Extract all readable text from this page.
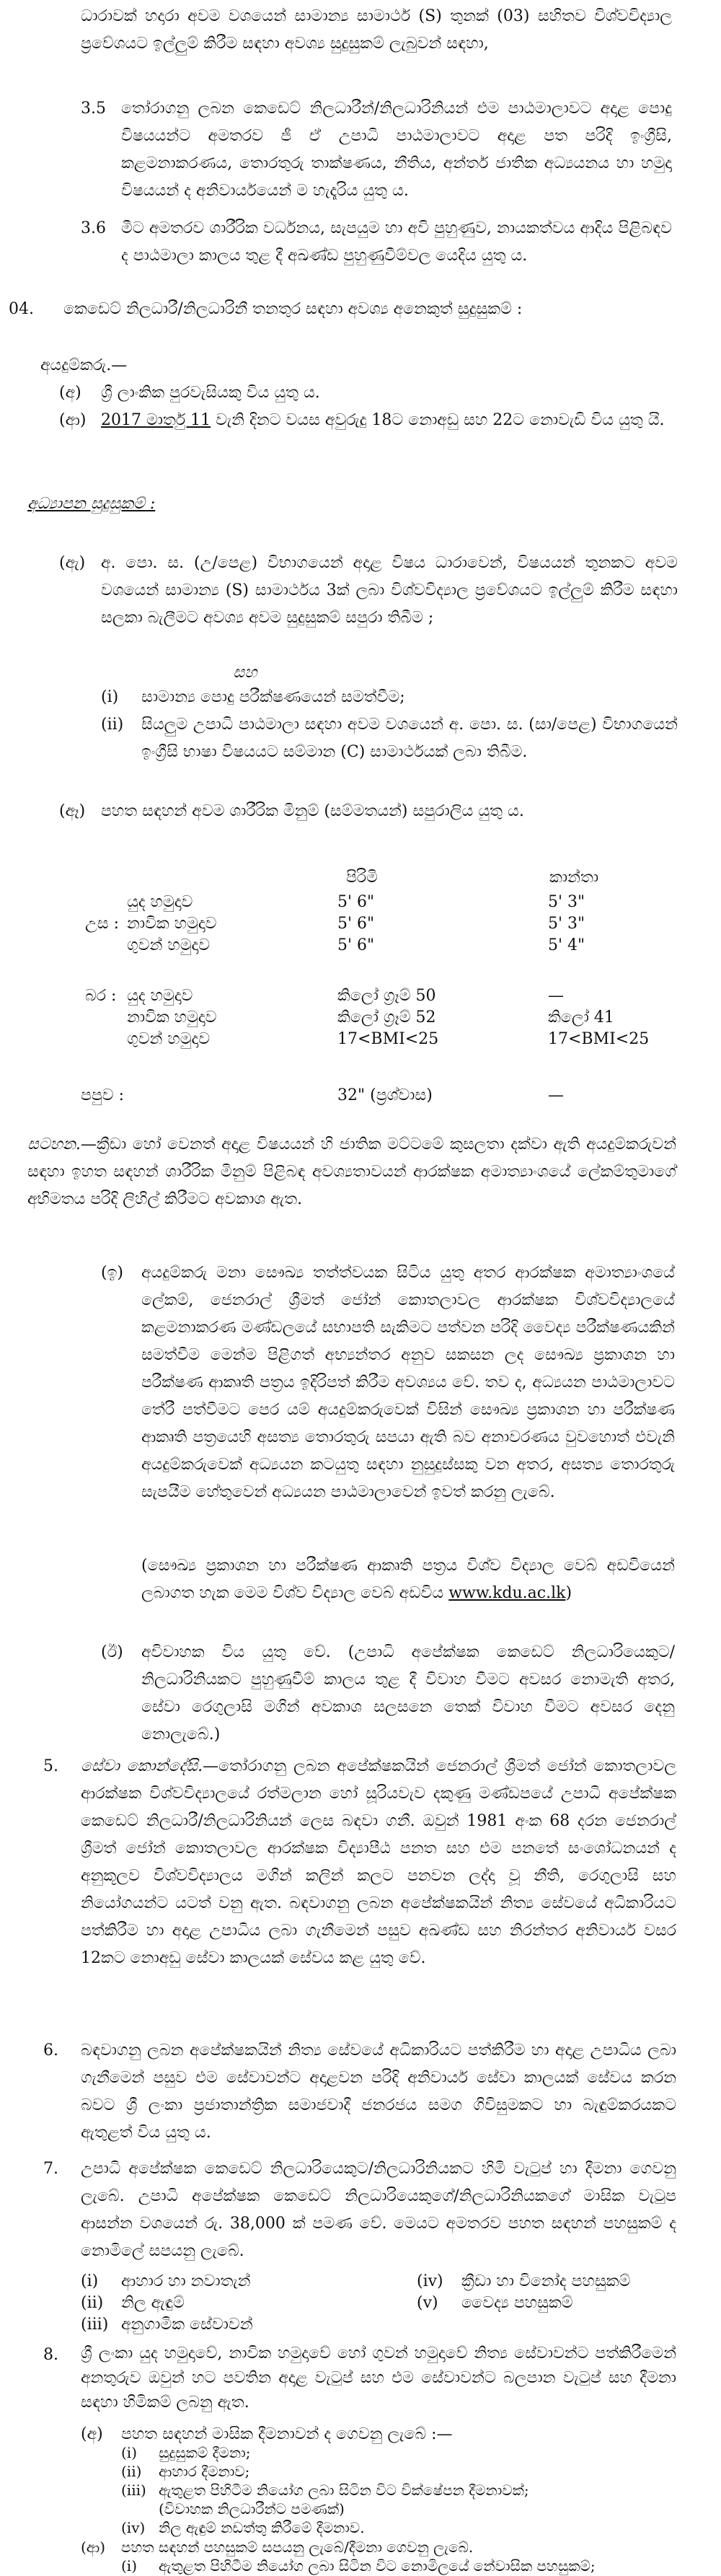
ධාරාවක් හදාරා අවම වශයෙන් සාමාන්‍ය සාමාර්ථ (S) තුනක් (03) සහිතව විශ්වවිද්‍යාල ප්‍රවේශයට ඉල්ලුම් කිරීම සඳහා අවශ්‍ය සුදුසුකම් ලැබුවන් සඳහා,
3.5 තෝරාගනු ලබන කෙඩෙට් නිලධාරීන්/නිලධාරිනියන් එම පාඨමාලාවට අදාළ පොදු විෂයයන්ට අමතරව ජී ඒ උපාධි පාඨමාලාවට අදාළ පත පරිදි ඉංග්‍රීසි, කළමනාකරණය, තොරතුරු තාක්ෂණය, නීතිය, අන්තර් ජාතික අධ්‍යයනය හා හමුදා විෂයයන් ද අනිවාර්යයෙන් ම හැදෑරිය යුතු ය.
3.6 මීට අමතරව ශාරීරික වර්ධනය, සැපයුම හා අවි පුහුණුව, නායකත්වය ආදිය පිළිබඳව ද පාඨමාලා කාලය තුළ දී අඛණ්ඩ පුහුණුවීම්වල යෙදිය යුතු ය.
04. කෙඩෙට් නිලධාරී/නිලධාරිනී තනතුර සඳහා අවශ්‍ය අනෙකුත් සුදුසුකම් :
අයදුම්කරු.—
(අ) ශ්‍රී ලාංකික පුරවැසියකු විය යුතු ය.
(ආ) 2017 මාර්තු 11 වැනි දිනට වයස අවුරුදු 18ට නොඅඩු සහ 22ට නොවැඩි විය යුතු යි.
අධ්‍යාපන සුදුසුකම් :
(ඇ) අ. පො. ස. (උ/පෙළ) විභාගයෙන් අදාළ විෂය ධාරාවෙන්, විෂයයන් තුනකට අවම වශයෙන් සාමාන්‍ය (S) සාමාර්ථය 3ක් ලබා විශ්වවිද්‍යාල ප්‍රවේශයට ඉල්ලුම් කිරීම සඳහා සලකා බැලීමට අවශ්‍ය අවම සුදුසුකම් සපුරා තිබීම ;
සහ
(i) සාමාන්‍ය පොදු පරීක්ෂණයෙන් සමත්වීම;
(ii) සියලුම උපාධි පාඨමාලා සඳහා අවම වශයෙන් අ. පො. ස. (සා/පෙළ) විභාගයෙන් ඉංග්‍රීසි භාෂා විෂයයට සම්මාන (C) සාමාර්ථයක් ලබා තිබීම.
(ඈ) පහත සඳහන් අවම ශාරීරික මිනුම් (සම්මතයන්) සපුරාලිය යුතු ය.
පිරිමි	කාන්තා
උස :
යුද හමුදාව	5' 6"	5' 3"
නාවික හමුදාව	5' 6"	5' 3"
ගුවන් හමුදාව	5' 6"	5' 4"
බර : යුද හමුදාව	කිලෝ ග්‍රෑම් 50	—
නාවික හමුදාව	කිලෝ ග්‍රෑම් 52	කිලෝ 41
ගුවන් හමුදාව	17<BMI<25	17<BMI<25
පපුව :	32" (ප්‍රශ්වාස)	—
සටහන.—ක්‍රීඩා හෝ වෙනත් අදාළ විෂයයන් හි ජාතික මට්ටමේ කුසලතා දක්වා ඇති අයදුම්කරුවන් සඳහා ඉහත සඳහන් ශාරීරික මිනුම් පිළිබඳ අවශ්‍යතාවයන් ආරක්ෂක අමාත්‍යාංශයේ ලේකම්තුමාගේ අභිමතය පරිදි ලිහිල් කිරීමට අවකාශ ඇත.
(ඉ) අයදුම්කරු මනා සෞඛ්‍ය තත්ත්වයක සිටිය යුතු අතර ආරක්ෂක අමාත්‍යාංශයේ ලේකම්, ජෙනරාල් ශ්‍රීමත් ජෝන් කොතලාවල ආරක්ෂක විශ්වවිද්‍යාලයේ කළමනාකරණ මණ්ඩලයේ සභාපති සැකිමට පත්වන පරිදි වෛද්‍ය පරීක්ෂණයකින් සමත්වීම මෙන්ම පිළිගත් අභ්‍යන්තර අනුව සකසන ලද සෞඛ්‍ය ප්‍රකාශන හා පරීක්ෂණ ආකෘති පත්‍රය ඉදිරිපත් කිරීම අවශ්‍යය වේ. තව ද, අධ්‍යයන පාඨමාලාවට තේරී පත්වීමට පෙර යම් අයදුම්කරුවෙක් විසින් සෞඛ්‍ය ප්‍රකාශන හා පරීක්ෂණ ආකෘති පත්‍රයෙහි අසත්‍ය තොරතුරු සපයා ඇති බව අනාවරණය වුවහොත් එවැනි අයදුම්කරුවෙක් අධ්‍යයන කටයුතු සඳහා නුසුදුස්සකු වන අතර, අසත්‍ය තොරතුරු සැපයීම හේතුවෙන් අධ්‍යයන පාඨමාලාවෙන් ඉවත් කරනු ලැබේ.
(සෞඛ්‍ය ප්‍රකාශන හා පරීක්ෂණ ආකෘති පත්‍රය විශ්ව විද්‍යාල වෙබ් අඩවියෙන් ලබාගත හැක මෙම විශ්ව විද්‍යාල වෙබ් අඩවිය www.kdu.ac.lk)
(ඊ) අවිවාහක විය යුතු වේ. (උපාධි අපේක්ෂක කෙඩෙට් නිලධාරියෙකුට/නිලධාරිනියකට පුහුණුවීම් කාලය තුළ දී විවාහ වීමට අවසර නොමැති අතර, සේවා රෙගුලාසි මගින් අවකාශ සලසනෙ තෙක් විවාහ වීමට අවසර දෙනු නොලැබේ.)
5. සේවා කොන්දේසි.—තෝරාගනු ලබන අපේක්ෂකයින් ජෙනරාල් ශ්‍රීමත් ජෝන් කොතලාවල ආරක්ෂක විශ්වවිද්‍යාලයේ රත්මලාන හෝ සූරියවැව දකුණු මණ්ඩපයේ උපාධි අපේක්ෂක කෙඩෙට් නිලධාරී/නිලධාරිනියන් ලෙස බඳවා ගනී. ඔවුන් 1981 අංක 68 දරන ජෙනරාල් ශ්‍රීමත් ජෝන් කොතලාවල ආරක්ෂක විද්‍යාපීඨ පනත සහ එම පනතේ සංශෝධනයන් ද අනුකූලව විශ්වවිද්‍යාලය මගින් කලින් කලට පනවන ලද්දා වූ නීති, රෙගුලාසි සහ නියෝගයන්ට යටත් වනු ඇත. බඳවාගනු ලබන අපේක්ෂකයින් නිත්‍ය සේවයේ අධිකාරියට පත්කිරීම හා අදාළ උපාධිය ලබා ගැනීමෙන් පසුව අඛණ්ඩ සහ නිරන්තර අනිවාර්ය වසර 12කට නොඅඩු සේවා කාලයක් සේවය කළ යුතු වේ.
6. බඳවාගනු ලබන අපේක්ෂකයින් නිත්‍ය සේවයේ අධිකාරියට පත්කිරීම හා අදාළ උපාධිය ලබා ගැනීමෙන් පසුව එම සේවාවන්ට අදාළවන පරිදි අනිවාර්ය සේවා කාලයක් සේවය කරන බවට ශ්‍රී ලංකා ප්‍රජාතාන්ත්‍රික සමාජවාදී ජනරජය සමග ගිවිසුමකට හා බැඳුම්කරයකට ඇතුළත් විය යුතු ය.
7. උපාධි අපේක්ෂක කෙඩෙට් නිලධාරියෙකුට/නිලධාරිනියකට හිමි වැටුප් හා දීමනා ගෙවනු ලැබේ. උපාධි අපේක්ෂක කෙඩෙට් නිලධාරියෙකුගේ/නිලධාරිනියකගේ මාසික වැටුප ආසන්න වශයෙන් රු. 38,000 ක් පමණ වේ. මෙයට අමතරව පහත සඳහන් පහසුකම් ද නොමිලේ සපයනු ලැබේ.
(i) ආහාර හා නවාතැන්
(ii) නිල ඇඳුම්
(iii) අනුගාමික සේවාවන්
(iv) ක්‍රීඩා හා විනෝද පහසුකම්
(v) වෛද්‍ය පහසුකම්
8. ශ්‍රී ලංකා යුද හමුදාවේ, නාවික හමුදාවේ හෝ ගුවන් හමුදාවේ නිත්‍ය සේවාවන්ට පත්කිරීමෙන් අනතුරුව ඔවුන් හට පවතින අදාළ වැටුප් සහ එම සේවාවන්ට බලපාන වැටුප් සහ දීමනා සඳහා හිමිකම් ලබනු ඇත.
(අ) පහත සඳහන් මාසික දීමනාවන් ද ගෙවනු ලැබේ :—
(i) සුදුසුකම් දීමනා;
(ii) ආහාර දීමනාව;
(iii) ඇතුළත පිහිටීම නියෝග ලබා සිටින විට වික්ෂේපන දීමනාවක්;
(විවාහක නිලධාරීන්ට පමණක්)
(iv) නිල ඇඳුම් නඩත්තු කිරීමේ දීමනාව.
(ආ) පහත සඳහන් පහසුකම් සපයනු ලැබේ/දීමනා ගෙවනු ලැබේ.
(i) ඇතුළත පිහිටීම නියෝග ලබා සිටින විට නොමිලයේ නේවාසික පහසුකම්;
